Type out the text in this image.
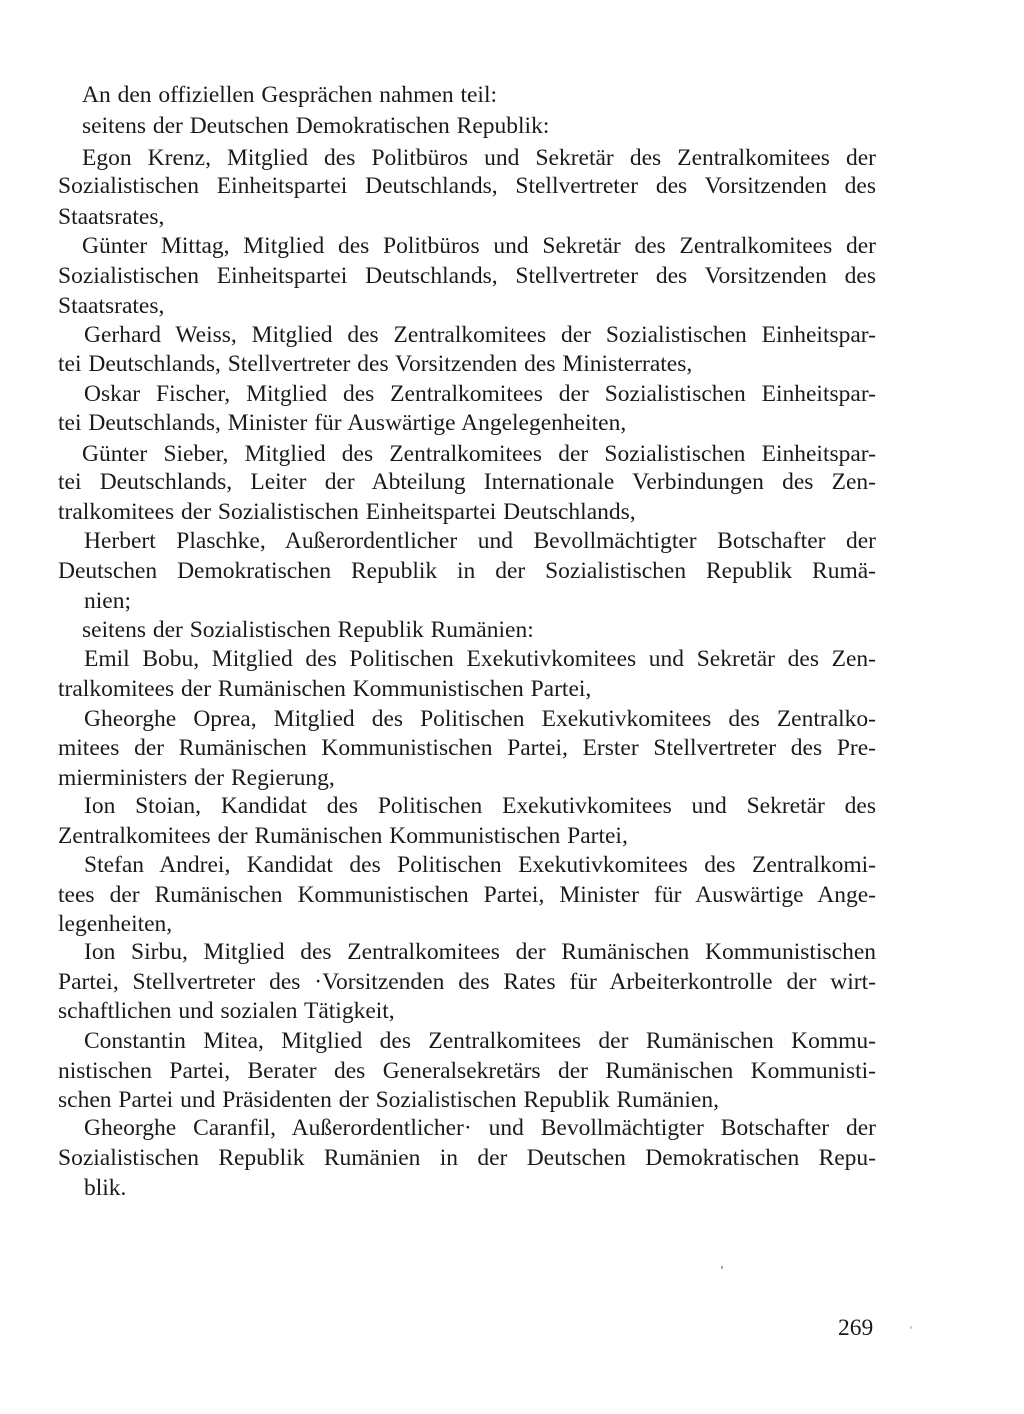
An den offiziellen Gesprächen nahmen teil:
seitens der Deutschen Demokratischen Republik:
Egon Krenz, Mitglied des Politbüros und Sekretär des Zentralkomitees der
Sozialistischen Einheitspartei Deutschlands, Stellvertreter des Vorsitzenden des
Staatsrates,
Günter Mittag, Mitglied des Politbüros und Sekretär des Zentralkomitees der
Sozialistischen Einheitspartei Deutschlands, Stellvertreter des Vorsitzenden des
Staatsrates,
Gerhard Weiss, Mitglied des Zentralkomitees der Sozialistischen Einheitspar-
tei Deutschlands, Stellvertreter des Vorsitzenden des Ministerrates,
Oskar Fischer, Mitglied des Zentralkomitees der Sozialistischen Einheitspar-
tei Deutschlands, Minister für Auswärtige Angelegenheiten,
Günter Sieber, Mitglied des Zentralkomitees der Sozialistischen Einheitspar-
tei Deutschlands, Leiter der Abteilung Internationale Verbindungen des Zen-
tralkomitees der Sozialistischen Einheitspartei Deutschlands,
Herbert Plaschke, Außerordentlicher und Bevollmächtigter Botschafter der
Deutschen Demokratischen Republik in der Sozialistischen Republik Rumä-
nien;
seitens der Sozialistischen Republik Rumänien:
Emil Bobu, Mitglied des Politischen Exekutivkomitees und Sekretär des Zen-
tralkomitees der Rumänischen Kommunistischen Partei,
Gheorghe Oprea, Mitglied des Politischen Exekutivkomitees des Zentralko-
mitees der Rumänischen Kommunistischen Partei, Erster Stellvertreter des Pre-
mierministers der Regierung,
Ion Stoian, Kandidat des Politischen Exekutivkomitees und Sekretär des
Zentralkomitees der Rumänischen Kommunistischen Partei,
Stefan Andrei, Kandidat des Politischen Exekutivkomitees des Zentralkomi-
tees der Rumänischen Kommunistischen Partei, Minister für Auswärtige Ange-
legenheiten,
Ion Sirbu, Mitglied des Zentralkomitees der Rumänischen Kommunistischen
Partei, Stellvertreter des ·Vorsitzenden des Rates für Arbeiterkontrolle der wirt-
schaftlichen und sozialen Tätigkeit,
Constantin Mitea, Mitglied des Zentralkomitees der Rumänischen Kommu-
nistischen Partei, Berater des Generalsekretärs der Rumänischen Kommunisti-
schen Partei und Präsidenten der Sozialistischen Republik Rumänien,
Gheorghe Caranfil, Außerordentlicher· und Bevollmächtigter Botschafter der
Sozialistischen Republik Rumänien in der Deutschen Demokratischen Repu-
blik.
269
